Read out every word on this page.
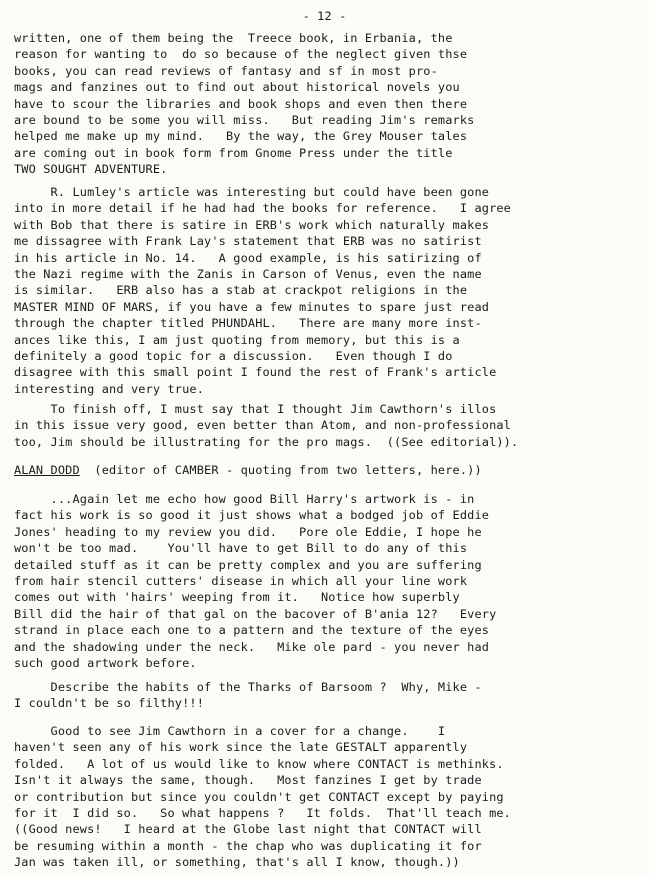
- 12 -
written, one of them being the  Treece book, in Erbania, the
reason for wanting to  do so because of the neglect given thse
books, you can read reviews of fantasy and sf in most pro-
mags and fanzines out to find out about historical novels you
have to scour the libraries and book shops and even then there
are bound to be some you will miss.   But reading Jim's remarks
helped me make up my mind.   By the way, the Grey Mouser tales
are coming out in book form from Gnome Press under the title
TWO SOUGHT ADVENTURE.
R. Lumley's article was interesting but could have been gone
into in more detail if he had had the books for reference.   I agree
with Bob that there is satire in ERB's work which naturally makes
me dissagree with Frank Lay's statement that ERB was no satirist
in his article in No. 14.   A good example, is his satirizing of
the Nazi regime with the Zanis in Carson of Venus, even the name
is similar.   ERB also has a stab at crackpot religions in the
MASTER MIND OF MARS, if you have a few minutes to spare just read
through the chapter titled PHUNDAHL.   There are many more inst-
ances like this, I am just quoting from memory, but this is a
definitely a good topic for a discussion.   Even though I do
disagree with this small point I found the rest of Frank's article
interesting and very true.
To finish off, I must say that I thought Jim Cawthorn's illos
in this issue very good, even better than Atom, and non-professional
too, Jim should be illustrating for the pro mags.  ((See editorial)).
ALAN DODD  (editor of CAMBER - quoting from two letters, here.))
...Again let me echo how good Bill Harry's artwork is - in
fact his work is so good it just shows what a bodged job of Eddie
Jones' heading to my review you did.   Pore ole Eddie, I hope he
won't be too mad.    You'll have to get Bill to do any of this
detailed stuff as it can be pretty complex and you are suffering
from hair stencil cutters' disease in which all your line work
comes out with 'hairs' weeping from it.   Notice how superbly
Bill did the hair of that gal on the bacover of B'ania 12?   Every
strand in place each one to a pattern and the texture of the eyes
and the shadowing under the neck.   Mike ole pard - you never had
such good artwork before.
Describe the habits of the Tharks of Barsoom ?  Why, Mike -
I couldn't be so filthy!!!
Good to see Jim Cawthorn in a cover for a change.    I
haven't seen any of his work since the late GESTALT apparently
folded.   A lot of us would like to know where CONTACT is methinks.
Isn't it always the same, though.   Most fanzines I get by trade
or contribution but since you couldn't get CONTACT except by paying
for it  I did so.   So what happens ?   It folds.  That'll teach me.
((Good news!   I heard at the Globe last night that CONTACT will
be resuming within a month - the chap who was duplicating it for
Jan was taken ill, or something, that's all I know, though.))
